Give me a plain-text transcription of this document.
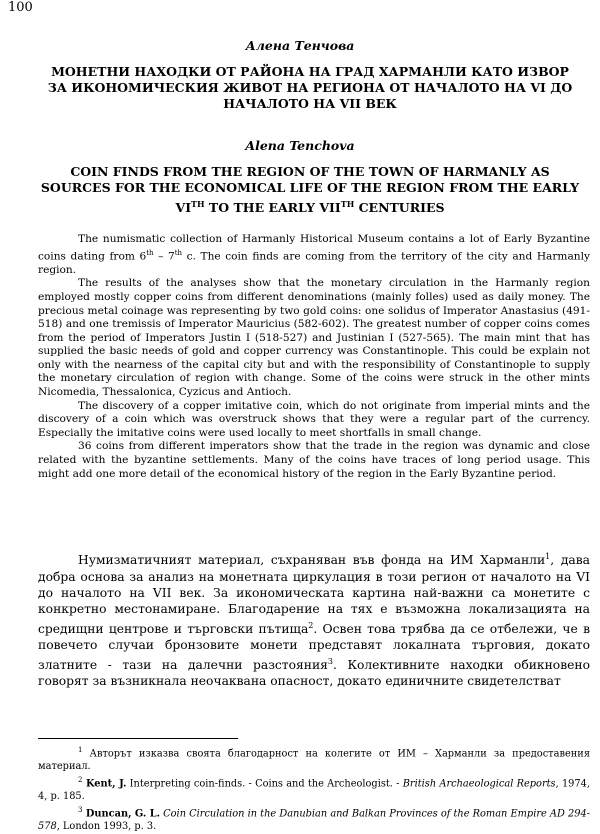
100
Алена Тенчова
МОНЕТНИ НАХОДКИ ОТ РАЙОНА НА ГРАД ХАРМАНЛИ КАТО ИЗВОР ЗА ИКОНОМИЧЕСКИЯ ЖИВОТ НА РЕГИОНА ОТ НАЧАЛОТО НА VI ДО НАЧАЛОТО НА VII ВЕК
Alena Tenchova
COIN FINDS FROM THE REGION OF THE TOWN OF HARMANLY AS SOURCES FOR THE ECONOMICAL LIFE OF THE REGION FROM THE EARLY VITH TO THE EARLY VIITH CENTURIES

The numismatic collection of Harmanly Historical Museum contains a lot of Early Byzantine coins dating from 6th – 7th c. The coin finds are coming from the territory of the city and Harmanly region.

The results of the analyses show that the monetary circulation in the Harmanly region employed mostly copper coins from different denominations (mainly folles) used as daily money. The precious metal coinage was representing by two gold coins: one solidus of Imperator Anastasius (491-518) and one tremissis of Imperator Mauricius (582-602). The greatest number of copper coins comes from the period of Imperators Justin I (518-527) and Justinian I (527-565). The main mint that has supplied the basic needs of gold and copper currency was Constantinople. This could be explain not only with the nearness of the capital city but and with the responsibility of Constantinople to supply the monetary circulation of region with change. Some of the coins were struck in the other mints Nicomedia, Thessalonica, Cyzicus and Antioch.

The discovery of a copper imitative coin, which do not originate from imperial mints and the discovery of a coin which was overstruck shows that they were a regular part of the currency. Especially the imitative coins were used locally to meet shortfalls in small change.

36 coins from different imperators show that the trade in the region was dynamic and close related with the byzantine settlements. Many of the coins have traces of long period usage. This might add one more detail of the economical history of the region in the Early Byzantine period.

Нумизматичният материал, съхраняван във фонда на ИМ Харманли$^1$, дава добра основа за анализ на монетната циркулация в този регион от началото на VI до началото на VII век. За икономическата картина най-важни са монетите с конкретно местонамиране. Благодарение на тях е възможна локализацията на средищни центрове и търговски пътища$^2$. Освен това трябва да се отбележи, че в повечето случаи бронзовите монети представят локалната търговия, докато златните - тази на далечни разстояния$^3$. Колективните находки обикновено говорят за възникнала неочаквана опасност, докато единичните свидетелстват

$^1$ Авторът изказва своята благодарност на колегите от ИМ – Харманли за предоставения материал.

$^2$ Kent, J. Interpreting coin-finds. - Coins and the Archeologist. - British Archaeological Reports, 1974, 4, p. 185.

$^3$ Duncan, G. L. Coin Circulation in the Danubian and Balkan Provinces of the Roman Empire AD 294-578, London 1993, p. 3.
